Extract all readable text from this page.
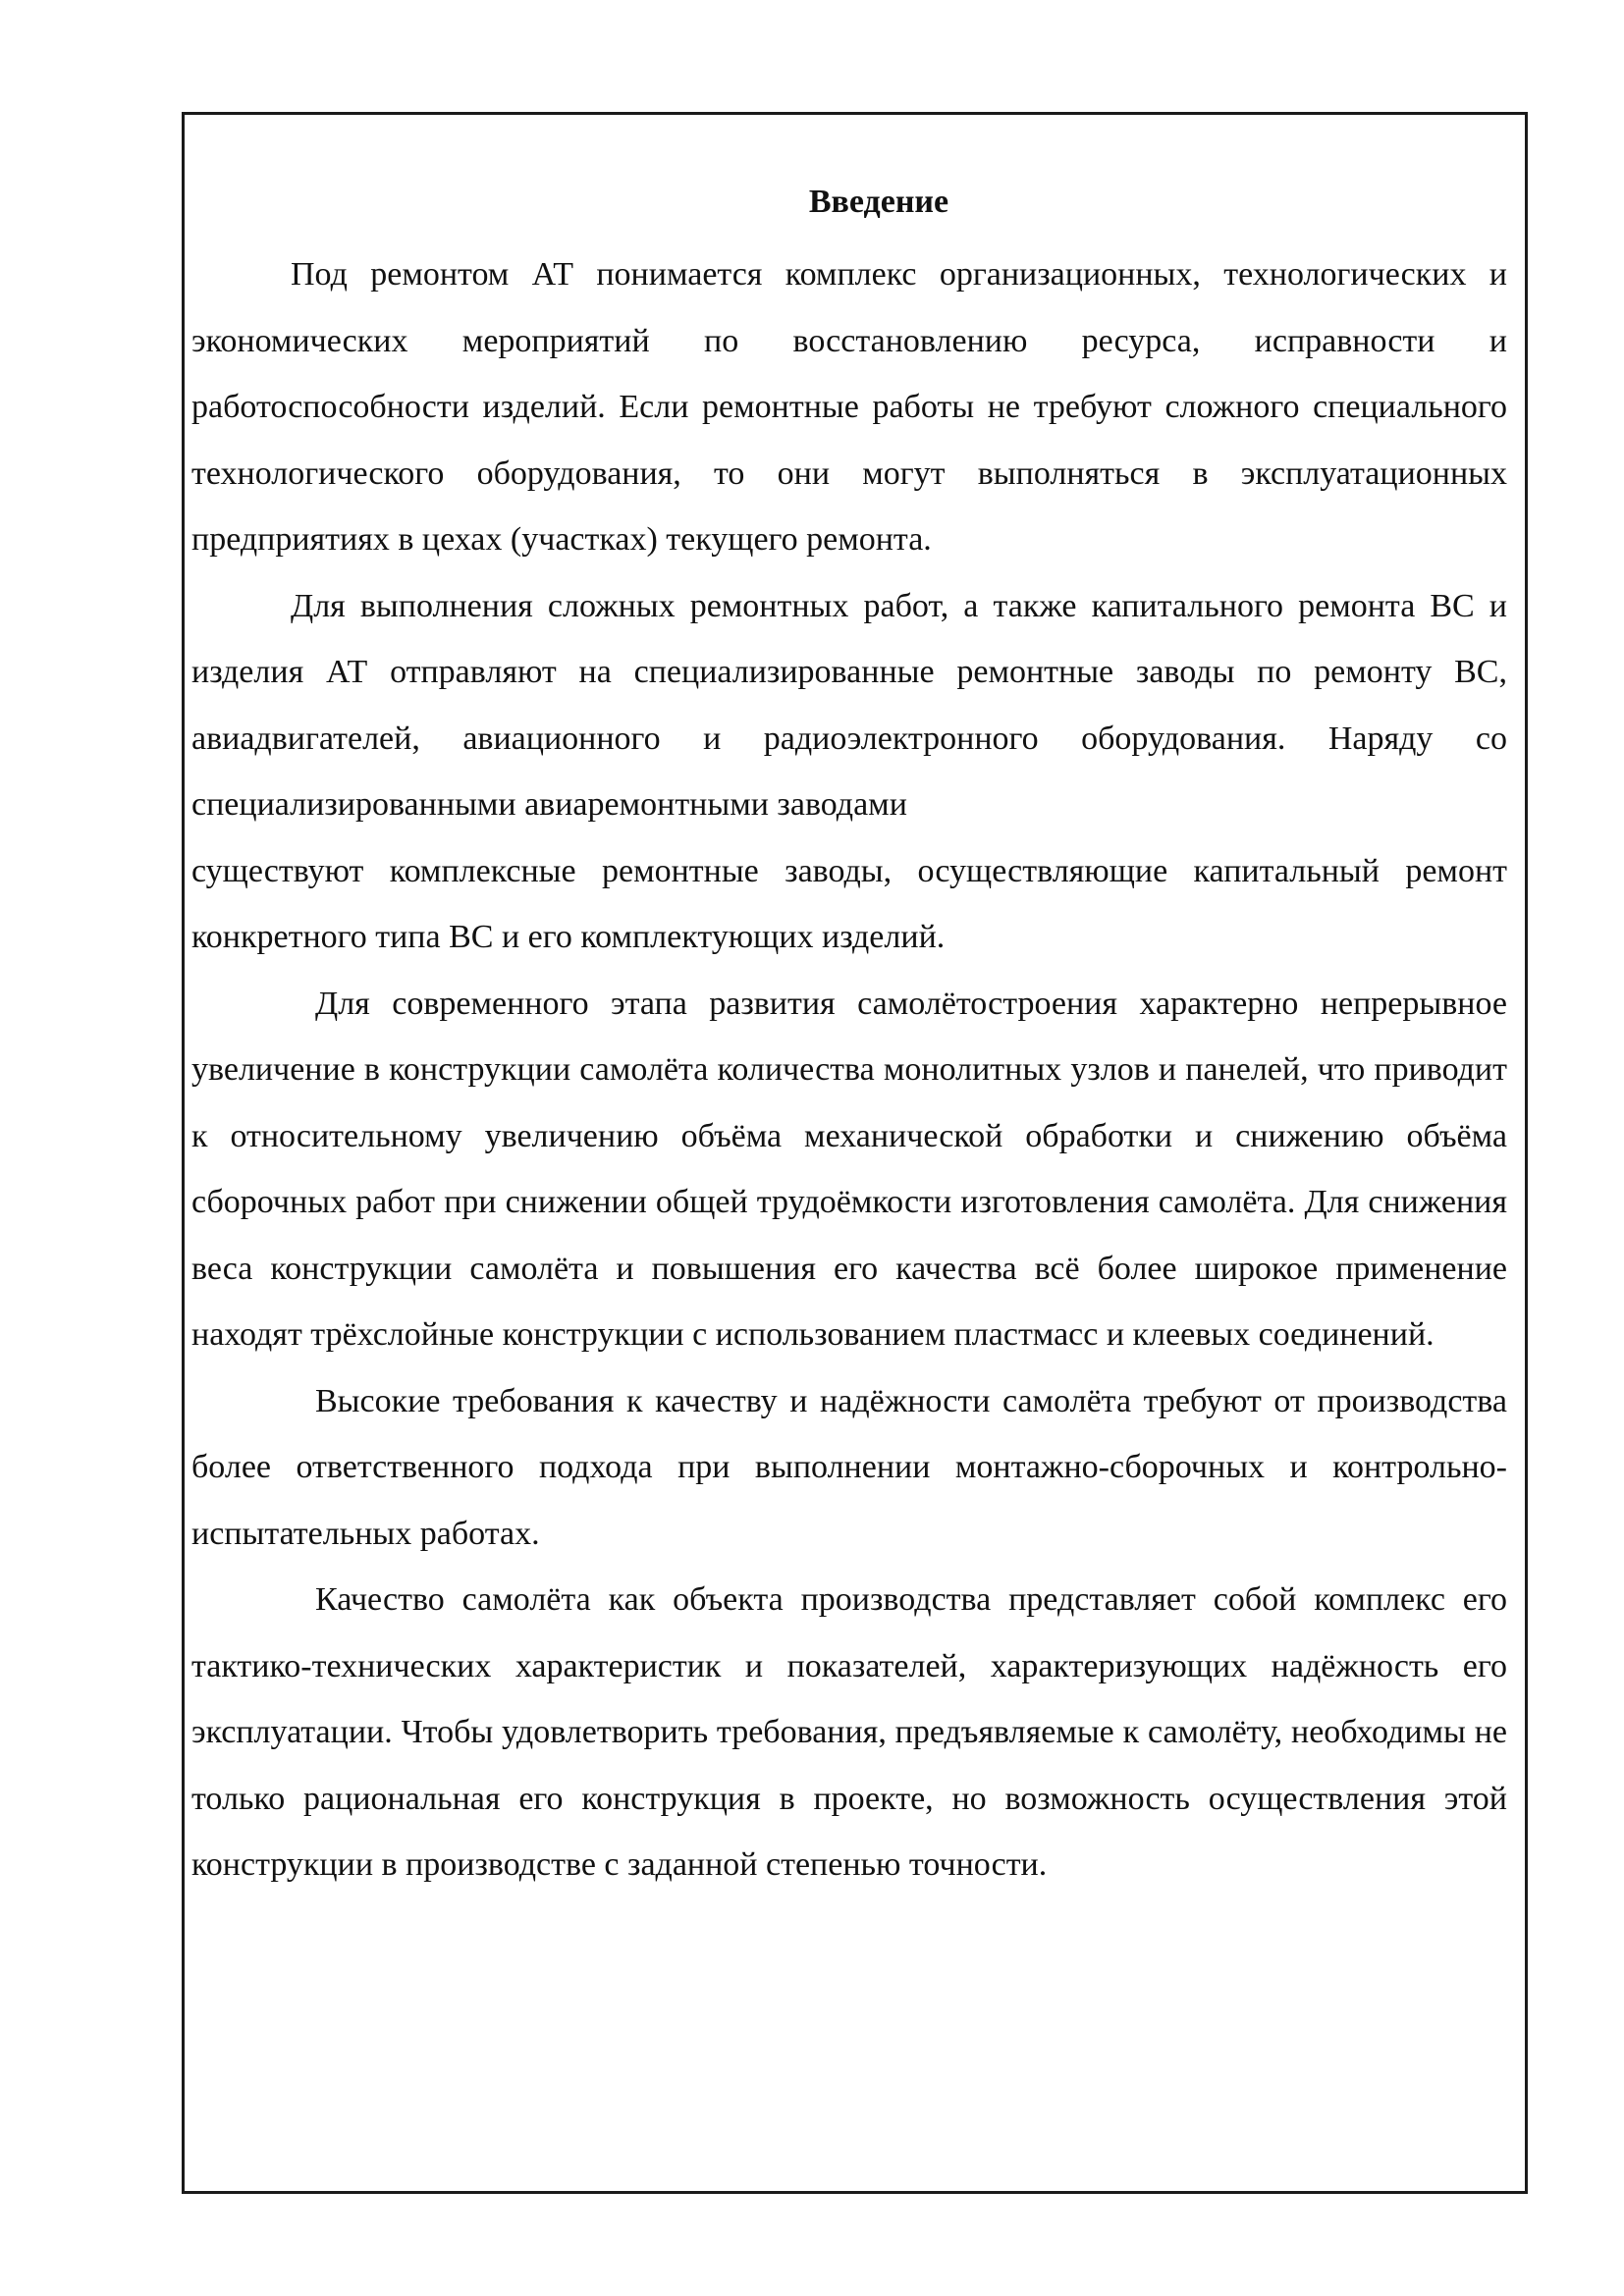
Введение

Под ремонтом АТ понимается комплекс организационных, технологических и экономических мероприятий по восстановлению ресурса, исправности и работоспособности изделий. Если ремонтные работы не требуют сложного специального технологического оборудования, то они могут выполняться в эксплуатационных предприятиях в цехах (участках) текущего ремонта.

Для выполнения сложных ремонтных работ, а также капитального ремонта ВС и изделия АТ отправляют на специализированные ремонтные заводы по ремонту ВС, авиадвигателей, авиационного и радиоэлектронного оборудования. Наряду со специализированными авиаремонтными заводами

существуют комплексные ремонтные заводы, осуществляющие капитальный ремонт конкретного типа ВС и его комплектующих изделий.

Для современного этапа развития самолётостроения характерно непрерывное увеличение в конструкции самолёта количества монолитных узлов и панелей, что приводит к относительному увеличению объёма механической обработки и снижению объёма сборочных работ при снижении общей трудоёмкости изготовления самолёта. Для снижения веса конструкции самолёта и повышения его качества всё более широкое применение находят трёхслойные конструкции с использованием пластмасс и клеевых соединений.

Высокие требования к качеству и надёжности самолёта требуют от производства более ответственного подхода при выполнении монтажно-сборочных и контрольно-испытательных работах.

Качество самолёта как объекта производства представляет собой комплекс его тактико-технических характеристик и показателей, характеризующих надёжность его эксплуатации. Чтобы удовлетворить требования, предъявляемые к самолёту, необходимы не только рациональная его конструкция в проекте, но возможность осуществления этой конструкции в производстве с заданной степенью точности.
